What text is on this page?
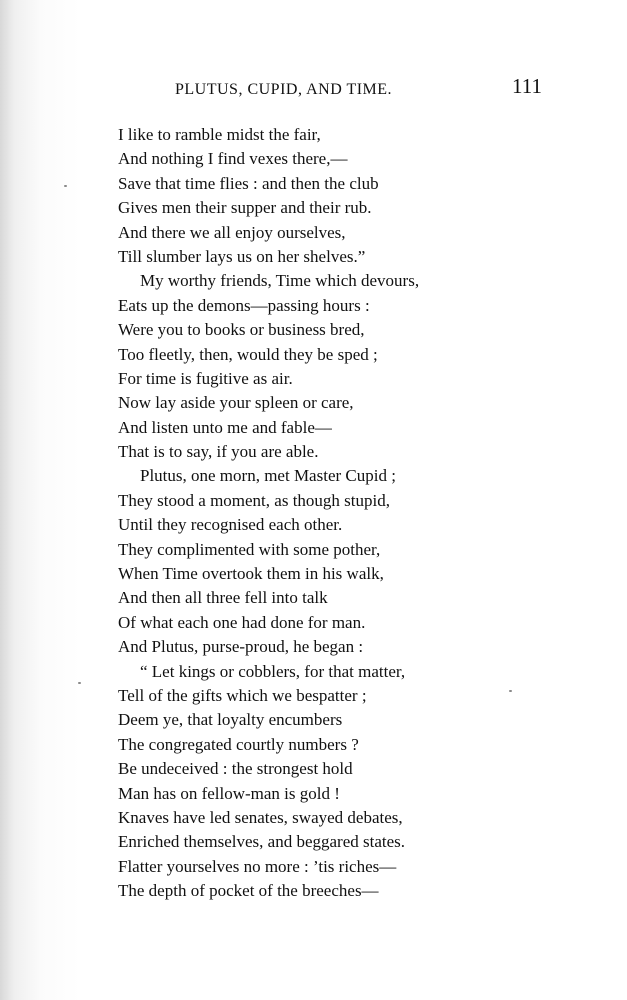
PLUTUS, CUPID, AND TIME.	111
I like to ramble midst the fair,
And nothing I find vexes there,—
Save that time flies : and then the club
Gives men their supper and their rub.
And there we all enjoy ourselves,
Till slumber lays us on her shelves.”
My worthy friends, Time which devours,
Eats up the demons—passing hours :
Were you to books or business bred,
Too fleetly, then, would they be sped ;
For time is fugitive as air.
Now lay aside your spleen or care,
And listen unto me and fable—
That is to say, if you are able.
Plutus, one morn, met Master Cupid ;
They stood a moment, as though stupid,
Until they recognised each other.
They complimented with some pother,
When Time overtook them in his walk,
And then all three fell into talk
Of what each one had done for man.
And Plutus, purse-proud, he began :
“ Let kings or cobblers, for that matter,
Tell of the gifts which we bespatter ;
Deem ye, that loyalty encumbers
The congregated courtly numbers ?
Be undeceived : the strongest hold
Man has on fellow-man is gold !
Knaves have led senates, swayed debates,
Enriched themselves, and beggared states.
Flatter yourselves no more : ’tis riches—
The depth of pocket of the breeches—
